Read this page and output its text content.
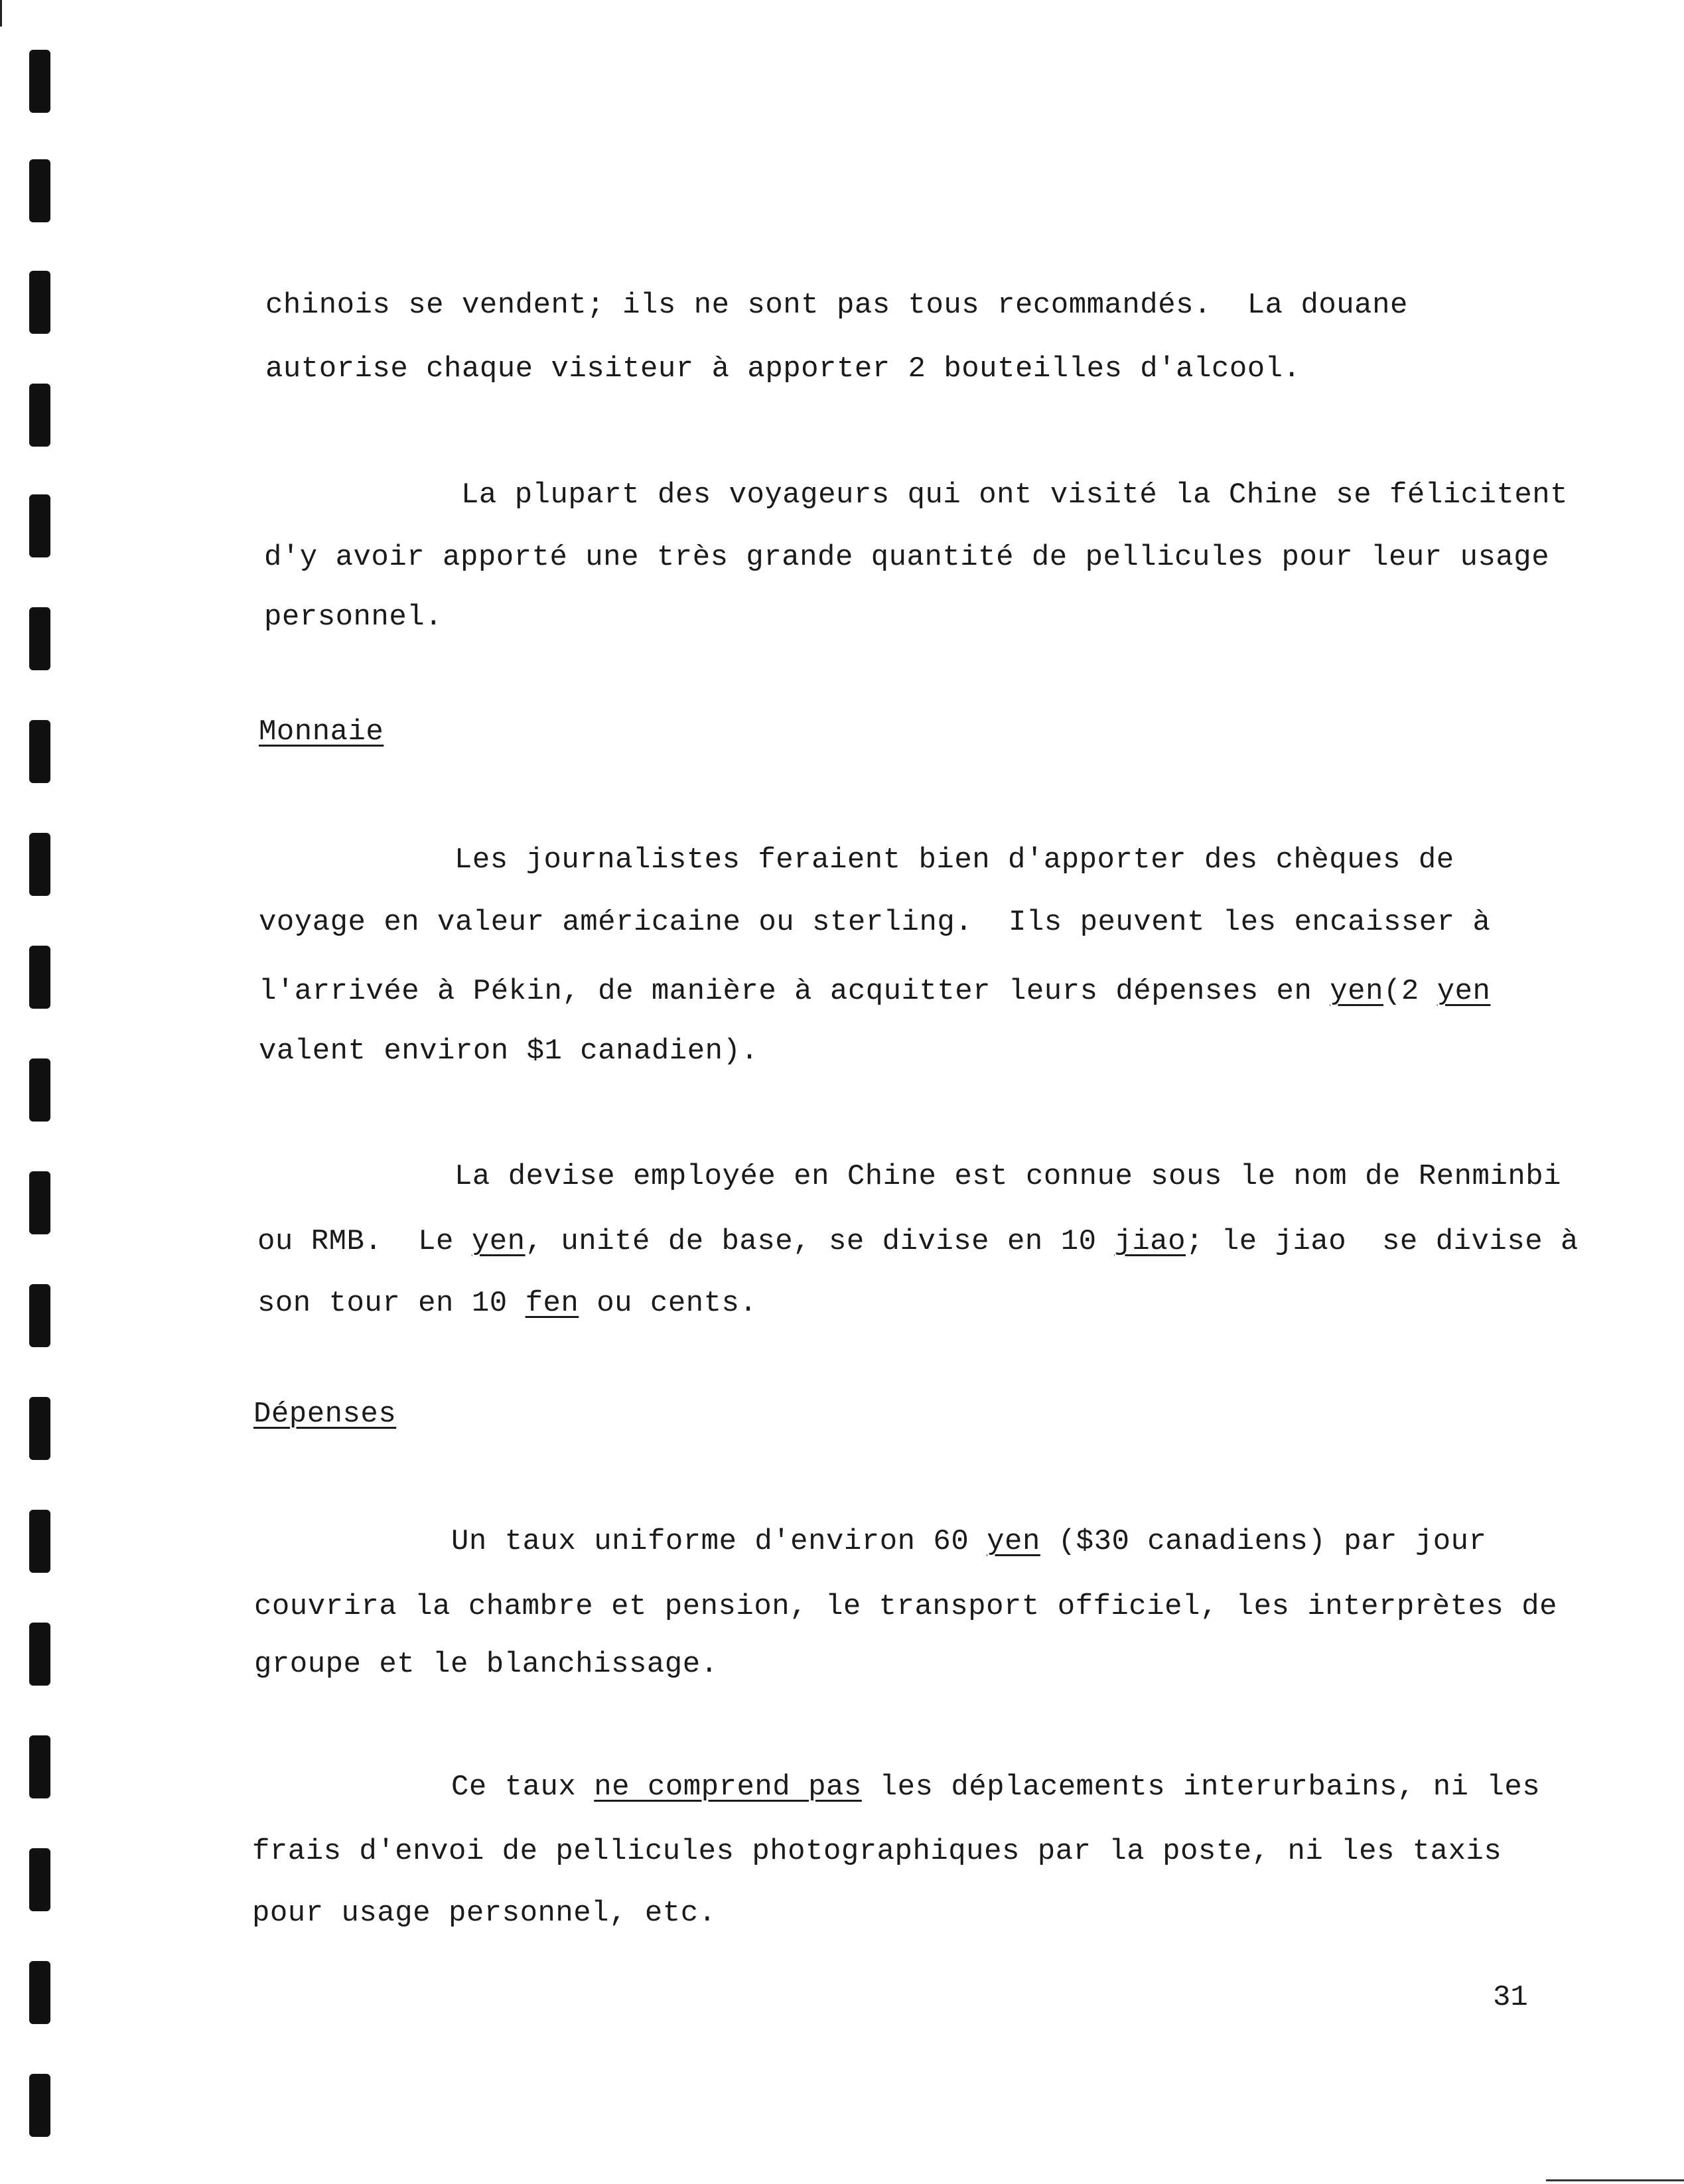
chinois se vendent; ils ne sont pas tous recommandés.  La douane
autorise chaque visiteur à apporter 2 bouteilles d'alcool.
La plupart des voyageurs qui ont visité la Chine se félicitent
d'y avoir apporté une très grande quantité de pellicules pour leur usage
personnel.
Monnaie
Les journalistes feraient bien d'apporter des chèques de
voyage en valeur américaine ou sterling.  Ils peuvent les encaisser à
l'arrivée à Pékin, de manière à acquitter leurs dépenses en yen(2 yen
valent environ $1 canadien).
La devise employée en Chine est connue sous le nom de Renminbi
ou RMB.  Le yen, unité de base, se divise en 10 jiao; le jiao  se divise à
son tour en 10 fen ou cents.
Dépenses
Un taux uniforme d'environ 60 yen ($30 canadiens) par jour
couvrira la chambre et pension, le transport officiel, les interprètes de
groupe et le blanchissage.
Ce taux ne comprend pas les déplacements interurbains, ni les
frais d'envoi de pellicules photographiques par la poste, ni les taxis
pour usage personnel, etc.
31
